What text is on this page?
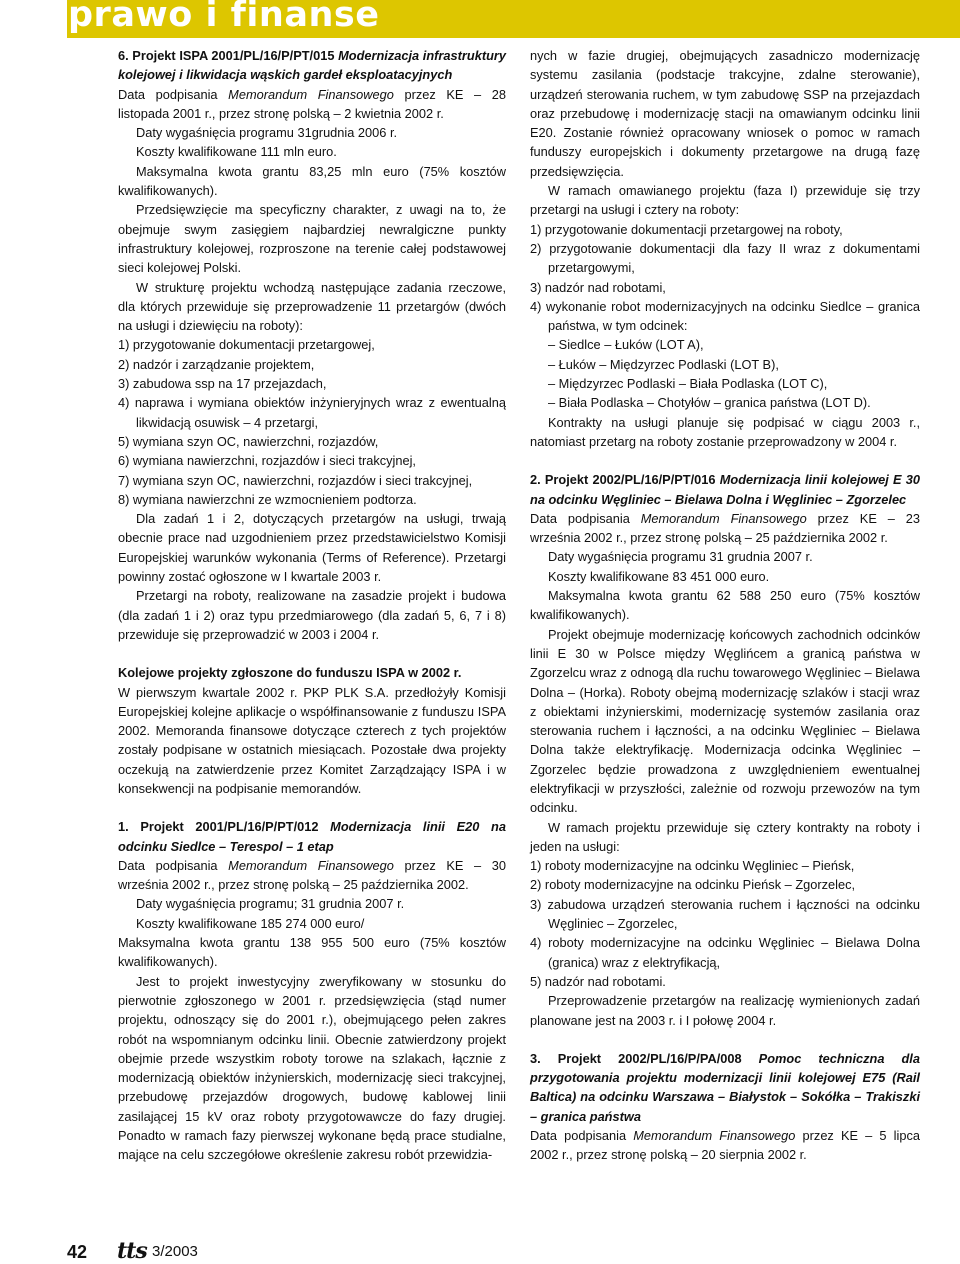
prawo i finanse

6. Projekt ISPA 2001/PL/16/P/PT/015 Modernizacja infrastruktury kolejowej i likwidacja wąskich gardeł eksploatacyjnych

Data podpisania Memorandum Finansowego przez KE – 28 listopada 2001 r., przez stronę polską – 2 kwietnia 2002 r.

Daty wygaśnięcia programu 31grudnia 2006 r.

Koszty kwalifikowane 111 mln euro.

Maksymalna kwota grantu 83,25 mln euro (75% kosztów kwalifikowanych).

Przedsięwzięcie ma specyficzny charakter, z uwagi na to, że obejmuje swym zasięgiem najbardziej newralgiczne punkty infrastruktury kolejowej, rozproszone na terenie całej podstawowej sieci kolejowej Polski.

W strukturę projektu wchodzą następujące zadania rzeczowe, dla których przewiduje się przeprowadzenie 11 przetargów (dwóch na usługi i dziewięciu na roboty):

1) przygotowanie dokumentacji przetargowej,

2) nadzór i zarządzanie projektem,

3) zabudowa ssp na 17 przejazdach,

4) naprawa i wymiana obiektów inżynieryjnych wraz z ewentualną likwidacją osuwisk – 4 przetargi,

5) wymiana szyn OC, nawierzchni, rozjazdów,

6) wymiana nawierzchni, rozjazdów i sieci trakcyjnej,

7) wymiana szyn OC, nawierzchni, rozjazdów i sieci trakcyjnej,

8) wymiana nawierzchni ze wzmocnieniem podtorza.

Dla zadań 1 i 2, dotyczących przetargów na usługi, trwają obecnie prace nad uzgodnieniem przez przedstawicielstwo Komisji Europejskiej warunków wykonania (Terms of Reference). Przetargi powinny zostać ogłoszone w I kwartale 2003 r.

Przetargi na roboty, realizowane na zasadzie projekt i budowa (dla zadań 1 i 2) oraz typu przedmiarowego (dla zadań 5, 6, 7 i 8) przewiduje się przeprowadzić w 2003 i 2004 r.

Kolejowe projekty zgłoszone do funduszu ISPA w 2002 r.

W pierwszym kwartale 2002 r. PKP PLK S.A. przedłożyły Komisji Europejskiej kolejne aplikacje o współfinansowanie z funduszu ISPA 2002. Memoranda finansowe dotyczące czterech z tych projektów zostały podpisane w ostatnich miesiącach. Pozostałe dwa projekty oczekują na zatwierdzenie przez Komitet Zarządzający ISPA i w konsekwencji na podpisanie memorandów.

1. Projekt 2001/PL/16/P/PT/012 Modernizacja linii E20 na odcinku Siedlce – Terespol – 1 etap

Data podpisania Memorandum Finansowego przez KE – 30 września 2002 r., przez stronę polską – 25 października 2002.

Daty wygaśnięcia programu; 31 grudnia 2007 r.

Koszty kwalifikowane 185 274 000 euro/

Maksymalna kwota grantu 138 955 500 euro (75% kosztów kwalifikowanych).

Jest to projekt inwestycyjny zweryfikowany w stosunku do pierwotnie zgłoszonego w 2001 r. przedsięwzięcia (stąd numer projektu, odnoszący się do 2001 r.), obejmującego pełen zakres robót na wspomnianym odcinku linii. Obecnie zatwierdzony projekt obejmie przede wszystkim roboty torowe na szlakach, łącznie z modernizacją obiektów inżynierskich, modernizację sieci trakcyjnej, przebudowę przejazdów drogowych, budowę kablowej linii zasilającej 15 kV oraz roboty przygotowawcze do fazy drugiej. Ponadto w ramach fazy pierwszej wykonane będą prace studialne, mające na celu szczegółowe określenie zakresu robót przewidzia-

nych w fazie drugiej, obejmujących zasadniczo modernizację systemu zasilania (podstacje trakcyjne, zdalne sterowanie), urządzeń sterowania ruchem, w tym zabudowę SSP na przejazdach oraz przebudowę i modernizację stacji na omawianym odcinku linii E20. Zostanie również opracowany wniosek o pomoc w ramach funduszy europejskich i dokumenty przetargowe na drugą fazę przedsięwzięcia.

W ramach omawianego projektu (faza I) przewiduje się trzy przetargi na usługi i cztery na roboty:

1) przygotowanie dokumentacji przetargowej na roboty,

2) przygotowanie dokumentacji dla fazy II wraz z dokumentami przetargowymi,

3) nadzór nad robotami,

4) wykonanie robot modernizacyjnych na odcinku Siedlce – granica państwa, w tym odcinek:

– Siedlce – Łuków (LOT A),

– Łuków – Międzyrzec Podlaski (LOT B),

– Międzyrzec Podlaski – Biała Podlaska (LOT C),

– Biała Podlaska – Chotyłów – granica państwa (LOT D).

Kontrakty na usługi planuje się podpisać w ciągu 2003 r., natomiast przetarg na roboty zostanie przeprowadzony w 2004 r.

2. Projekt 2002/PL/16/P/PT/016 Modernizacja linii kolejowej E 30 na odcinku Węgliniec – Bielawa Dolna i Węgliniec – Zgorzelec

Data podpisania Memorandum Finansowego przez KE – 23 września 2002 r., przez stronę polską – 25 października 2002 r.

Daty wygaśnięcia programu 31 grudnia 2007 r.

Koszty kwalifikowane 83 451 000 euro.

Maksymalna kwota grantu 62 588 250 euro (75% kosztów kwalifikowanych).

Projekt obejmuje modernizację końcowych zachodnich odcinków linii E 30 w Polsce między Węglińcem a granicą państwa w Zgorzelcu wraz z odnogą dla ruchu towarowego Węgliniec – Bielawa Dolna – (Horka). Roboty obejmą modernizację szlaków i stacji wraz z obiektami inżynierskimi, modernizację systemów zasilania oraz sterowania ruchem i łączności, a na odcinku Węgliniec – Bielawa Dolna także elektryfikację. Modernizacja odcinka Węgliniec – Zgorzelec będzie prowadzona z uwzględnieniem ewentualnej elektryfikacji w przyszłości, zależnie od rozwoju przewozów na tym odcinku.

W ramach projektu przewiduje się cztery kontrakty na roboty i jeden na usługi:

1) roboty modernizacyjne na odcinku Węgliniec – Pieńsk,

2) roboty modernizacyjne na odcinku Pieńsk – Zgorzelec,

3) zabudowa urządzeń sterowania ruchem i łączności na odcinku Węgliniec – Zgorzelec,

4) roboty modernizacyjne na odcinku Węgliniec – Bielawa Dolna (granica) wraz z elektryfikacją,

5) nadzór nad robotami.

Przeprowadzenie przetargów na realizację wymienionych zadań planowane jest na 2003 r. i I połowę 2004 r.

3. Projekt 2002/PL/16/P/PA/008 Pomoc techniczna dla przygotowania projektu modernizacji linii kolejowej E75 (Rail Baltica) na odcinku Warszawa – Białystok – Sokółka – Trakiszki – granica państwa

Data podpisania Memorandum Finansowego przez KE – 5 lipca 2002 r., przez stronę polską – 20 sierpnia 2002 r.

42 tts 3/2003
